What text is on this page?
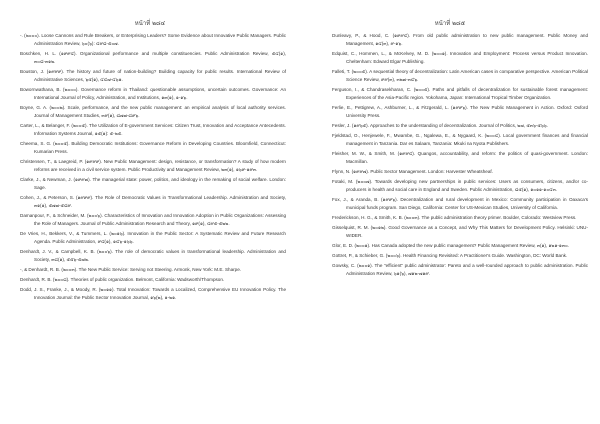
หน้าที่ ๒๘๔

-. (๒๐๐๐). Loose Cannons and Rule Breakers, or Enterprising Leaders? Some Evidence about Innovative Public Managers. Public Administration Review, ๖๐(๖): ๔๙๘-๕๐๗.

Boschken, H. L. (๑๙๙๔). Organizational performance and multiple constituencies. Public Administration Review, ๕๔(๑), ๓๐๘-๓๑๒.

Bouston, J. (๑๙๙๙). The history and future of nation-building? Building capacity for public results. International Review of Administrative Sciences, ๖๕(๑), ๔๔๗-๔๖๑.

Bowornwathana, B. (๒๐๐๐). Governance reform in Thailand: questionable assumptions, uncertain outcomes. Governance: An International Journal of Policy, Administration, and Institutions, ๑๓(๑), ๑-๑๖.

Boyne, G. A. (๒๐๐๒). Scale, performance, and the new public management: an empirical analysis of local authority services. Journal of Management Studies, ๓๙(๑), ๘๗๗-๘๙๖.

Carter, L., & Belanger, F. (๒๐๐๕). The Utilization of E-government Services: Citizen Trust, Innovation and Acceptance Antecedents. Information Systems Journal, ๑๕(๑): ๕-๒๕.

Cheema, S. G. (๒๐๐๕). Building Democratic Institutions: Governance Reform in Developing Countries. Bloomfield, Connecticut: Kumarian Press.

Christensen, T., & Laegreid, P. (๑๙๙๙). New Public Management: design, resistance, or transformation? A study of how modern reforms are received in a civil service system. Public Productivity and Management Review, ๒๓(๑), ๑๖๙-๑๙๓.

Clarke, J., & Newman, J. (๑๙๙๗). The managerial state: power, politics, and ideology in the remaking of social welfare. London: Sage.

Cohen, J., & Peterson, S. (๑๙๙๙). The Role of Democratic Values in Transformational Leadership. Administration and Society, ๓๑(๑), ๕๗๗-๕๘๙.

Damanpour, F., & Schneider, M. (๒๐๐๖). Characteristics of Innovation and Innovation Adoption in Public Organizations: Assessing the Role of Managers. Journal of Public Administration Research and Theory, ๑๙(๑), ๔๙๕-๕๒๒.

De Vries, H., Bekkers, V., & Tummers, L. (๒๐๑๖). Innovation in the Public Sector: A Systematic Review and Future Research Agenda. Public Administration, ๙๔(๑), ๑๔๖-๑๖๖.

Denhardt, J. V., & Campbell, K. B. (๒๐๐๖). The role of democratic values in transformational leadership. Administration and Society, ๓๘(๑), ๕๕๖-๕๗๒.

-, & Denhardt, R. B. (๒๐๐๓). The New Public Service: Serving not Steering. Armonk, New York: M.E. Sharpe.

Denhardt, R. B. (๒๐๐๘). Theories of public organization. Belmont, California: Wadsworth/Thompson.

Dodd, J. S., Franke, J., & Moody, R. (๒๐๑๑). Total Innovation: Towards a Localized, Comprehensive EU Innovation Policy. The Innovation Journal: the Public Sector Innovation Journal, ๑๖(๒), ๑-๒๑.

หน้าที่ ๒๘๕

Dunleavy, P., & Hood, C. (๑๙๙๔). From old public administration to new public management. Public Money and Management, ๑๔(๓), ๙-๑๖.

Edquist, C., Hommen, L., & McKelvey, M. D. (๒๐๐๑). Innovation and Employment: Process versus Product Innovation. Cheltenham: Edward Elgar Publishing.

Falleti, T. (๒๐๐๕). A sequential theory of decentralization: Latin American cases in comparative perspective. American Political Science Review, ๙๙(๓), ๓๒๗-๓๔๖.

Ferguson, I., & Chandrasekharan, C. (๒๐๐๕). Paths and pitfalls of decentralization for sustainable forest management: Experiences of the Asia-Pacific region. Yokohama, Japan: International Tropical Timber Organization.

Ferlie, E., Pettigrew, A., Ashburner, L., & Fitzgerald, L. (๑๙๙๖). The New Public Management in Action. Oxford: Oxford University Press.

Fesler, J. (๑๙๖๕). Approaches to the understanding of decentralization. Journal of Politics, ๒๗, ๕๓๖-๕๖๖.

Fjeldstad, O., Henjewele, F., Mwambe, G., Ngalewa, E., & Nygaard, K. (๒๐๐๔). Local government finances and financial management in Tanzania. Dar es Salaam, Tanzania: Mkuki na Nyota Publishers.

Fleisher, M. W., & Smith, M. (๑๙๙๔). Quangos, accountability, and reform: the politics of quasi-government. London: Macmillan.

Flynn, N. (๑๙๙๗). Public Sector Management. London: Harvester Wheatsheaf.

Fotaki, M. (๒๐๐๗). Towards developing new partnerships in public services: Users as consumers, citizens, and/or co-producers in health and social care in England and Sweden. Public Administration, ๘๕(๑), ๑๐๑๑-๑๐๔๓.

Fox, J., & Aranda, B. (๑๙๙๖). Decentralization and rural development in Mexico: Community participation in Oaxaca's municipal funds program. San Diego, California: Center for US-Mexican Studies, University of California.

Frederickson, H. G., & Smith, K. B. (๒๐๐๓). The public administration theory primer. Boulder, Colorado: Westview Press.

Gisselquist, R. M. (๒๐๑๒). Good Governance as a Concept, and Why This Matters for Development Policy. Helsinki: UNU-WIDER.

Glor, E. D. (๒๐๐๑). Has Canada adopted the new public management? Public Management Review, ๓(๑), ๑๒๑-๑๓๐.

Gottret, P., & Schieber, G. (๒๐๐๖). Health Financing Revisited: A Practitioner's Guide. Washington, DC: World Bank.

Gowsky, C. (๒๐๐๑). The "efficient" public administrator: Pareto and a well-rounded approach to public administration. Public Administration Review, ๖๑(๖), ๗๑๒-๗๑๙.
